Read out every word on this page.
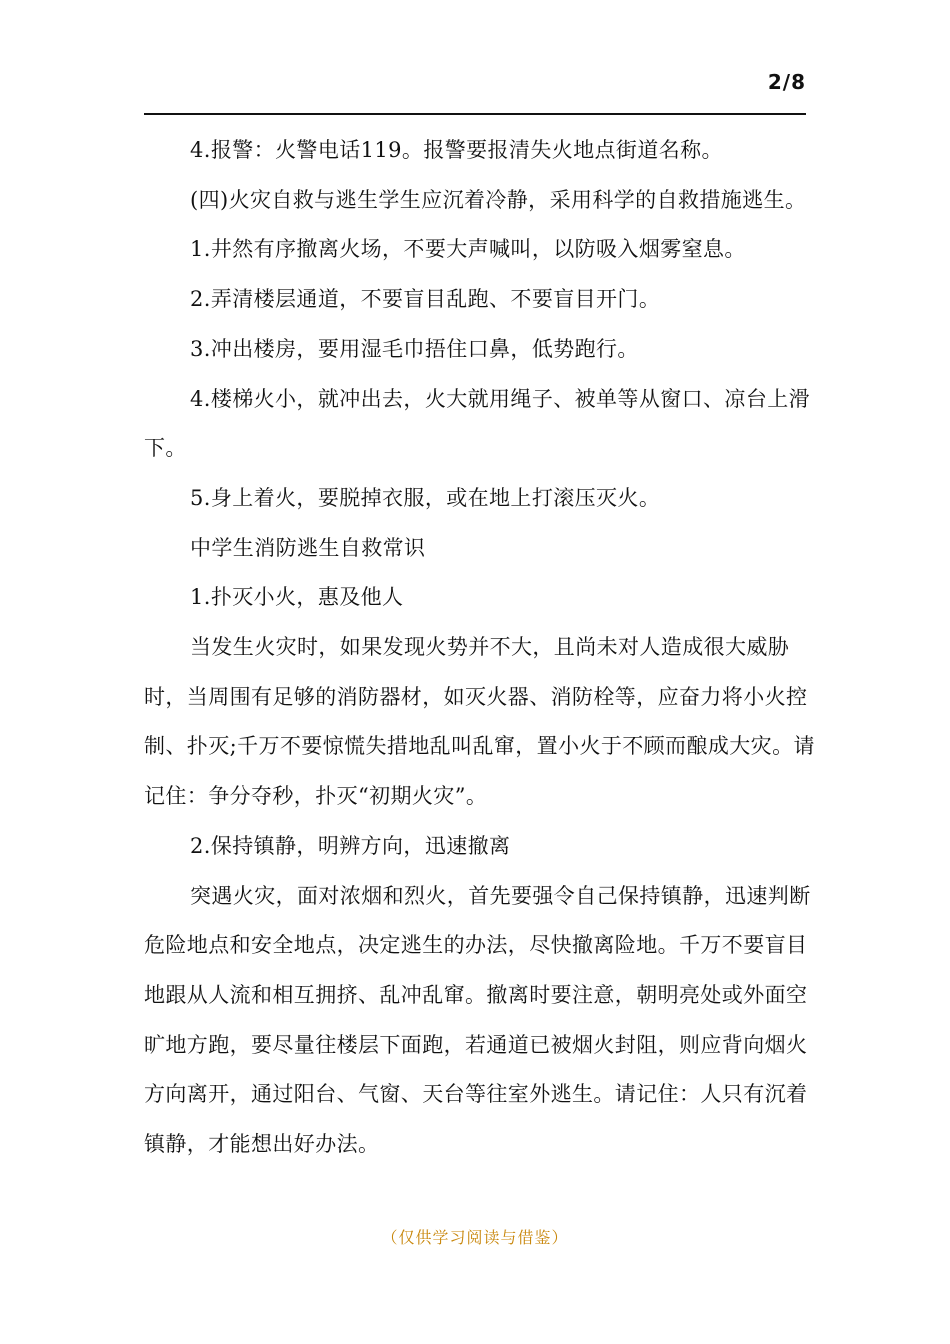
2/8

4.报警：火警电话119。报警要报清失火地点街道名称。

(四)火灾自救与逃生学生应沉着冷静，采用科学的自救措施逃生。

1.井然有序撤离火场，不要大声喊叫，以防吸入烟雾窒息。

2.弄清楼层通道，不要盲目乱跑、不要盲目开门。

3.冲出楼房，要用湿毛巾捂住口鼻，低势跑行。

4.楼梯火小，就冲出去，火大就用绳子、被单等从窗口、凉台上滑下。

5.身上着火，要脱掉衣服，或在地上打滚压灭火。

中学生消防逃生自救常识

1.扑灭小火，惠及他人

当发生火灾时，如果发现火势并不大，且尚未对人造成很大威胁时，当周围有足够的消防器材，如灭火器、消防栓等，应奋力将小火控制、扑灭;千万不要惊慌失措地乱叫乱窜，置小火于不顾而酿成大灾。请记住：争分夺秒，扑灭“初期火灾”。

2.保持镇静，明辨方向，迅速撤离

突遇火灾，面对浓烟和烈火，首先要强令自己保持镇静，迅速判断危险地点和安全地点，决定逃生的办法，尽快撤离险地。千万不要盲目地跟从人流和相互拥挤、乱冲乱窜。撤离时要注意，朝明亮处或外面空旷地方跑，要尽量往楼层下面跑，若通道已被烟火封阻，则应背向烟火方向离开，通过阳台、气窗、天台等往室外逃生。请记住：人只有沉着镇静，才能想出好办法。

（仅供学习阅读与借鉴）
